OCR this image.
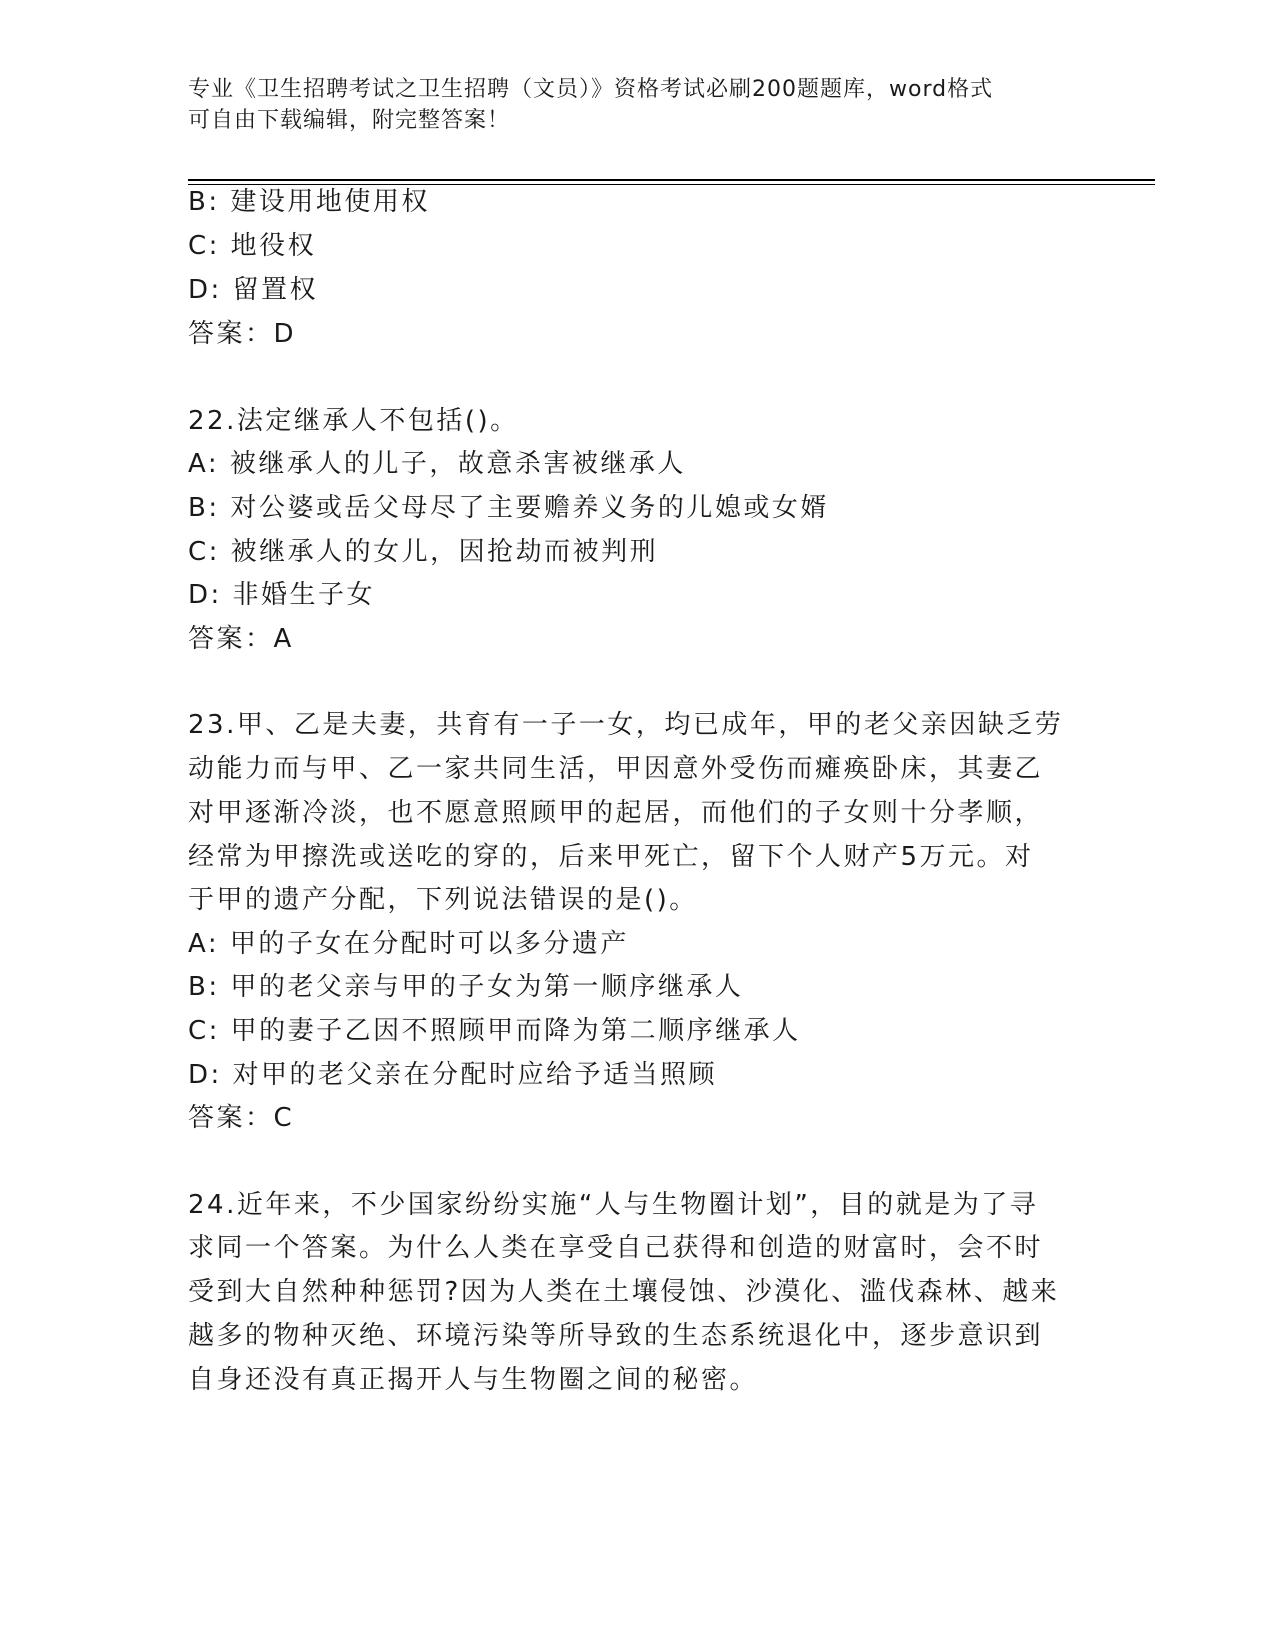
专业《卫生招聘考试之卫生招聘（文员）》资格考试必刷200题题库，word格式
可自由下载编辑，附完整答案！
B: 建设用地使用权
C: 地役权
D: 留置权
答案：D
22.法定继承人不包括()。
A: 被继承人的儿子，故意杀害被继承人
B: 对公婆或岳父母尽了主要赡养义务的儿媳或女婿
C: 被继承人的女儿，因抢劫而被判刑
D: 非婚生子女
答案：A
23.甲、乙是夫妻，共育有一子一女，均已成年，甲的老父亲因缺乏劳
动能力而与甲、乙一家共同生活，甲因意外受伤而瘫痪卧床，其妻乙
对甲逐渐冷淡，也不愿意照顾甲的起居，而他们的子女则十分孝顺，
经常为甲擦洗或送吃的穿的，后来甲死亡，留下个人财产5万元。对
于甲的遗产分配，下列说法错误的是()。
A: 甲的子女在分配时可以多分遗产
B: 甲的老父亲与甲的子女为第一顺序继承人
C: 甲的妻子乙因不照顾甲而降为第二顺序继承人
D: 对甲的老父亲在分配时应给予适当照顾
答案：C
24.近年来，不少国家纷纷实施“人与生物圈计划”，目的就是为了寻
求同一个答案。为什么人类在享受自己获得和创造的财富时，会不时
受到大自然种种惩罚?因为人类在土壤侵蚀、沙漠化、滥伐森林、越来
越多的物种灭绝、环境污染等所导致的生态系统退化中，逐步意识到
自身还没有真正揭开人与生物圈之间的秘密。
